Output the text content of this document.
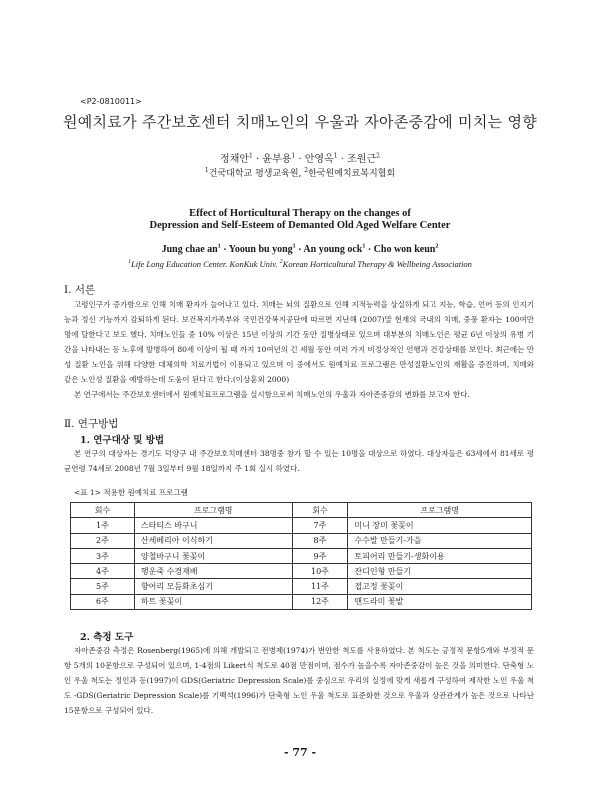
<P2-0810011>
원예치료가 주간보호센터 치매노인의 우울과 자아존중감에 미치는 영향
정채안$^1$ · 윤부용$^1$ · 안영옥$^1$ · 조원근$^2$
$^1$건국대학교 평생교육원, $^2$한국원예치료복지협회
Effect of Horticultural Therapy on the changes of
Depression and Self-Esteem of Demanted Old Aged Welfare Center
Jung chae $an^1$ · Yooun bu yong$^1$ · An young ock$^1$ · Cho won keun$^2$
$^1$Life Long Education Center. KonKuk Univ. $^2$Korean Horticultural Therapy & Wellbeing Association
Ⅰ. 서론

고령인구가 증가함으로 인해 치매 환자가 늘어나고 있다. 치매는 뇌의 질환으로 인해 지적능력을 상실하게 되고 지능, 학습, 언어 등의 인지기능과 정신 기능까지 감퇴하게 된다. 보건복지가족부와 국민건강복지공단에 따르면 지난해 (2007)말 현재의 국내의 치매, 중풍 환자는 100여만명에 달한다고 보도 했다. 치매노인들 중 10% 이상은 15년 이상의 기간 동안 질병상태로 있으며 대부분의 치매노인은 평균 6년 이상의 유병 기간을 나타내는 등 노후에 발병하여 80세 이상이 될 때 까지 10여년의 긴 세월 동안 여러 가지 비정상적인 언행과 건강상태를 보인다. 최근에는 만성 질환 노인을 위해 다양한 대체의학 치료기법이 이용되고 있으며 이 중에서도 원예치료 프로그램은 만성질환노인의 재활을 증진하며, 치매와 같은 노인성 질환을 예방하는데 도움이 된다고 한다.(이상훈외 2000)

본 연구에서는 주간보호센터에서 원예치료프로그램을 실시함으로써 치매노인의 우울과 자아존중감의 변화를 보고자 한다.

Ⅱ. 연구방법
1. 연구대상 및 방법

본 연구의 대상자는 경기도 덕양구 내 주간보호치매센터 38명중 참가 할 수 있는 10명을 대상으로 하였다. 대상자들은 63세에서 81세로 평균연령 74세로 2008년 7월 3일부터 9월 18일까지 주 1회 실시 하였다.

<표 1> 적용한 원예치료 프로그램
회수	프로그램명	회수	프로그램명
1주	스타티스 바구니	7주	미니 장미 꽃꽂이
2주	산세베리아 이식하기	8주	수수발 만들기-가을
3주	양철바구니 꽃꽂이	9주	토피어리 만들기-생화이용
4주	행운죽 수경재배	10주	잔디인형 만들기
5주	향어리 모듬화초심기	11주	접고정 꽃꽂이
6주	하트 꽃꽂이	12주	맨드라미 꽃밭
2. 측정 도구

자아존중감 측정은 Rosenberg(1965)에 의해 개발되고 전병제(1974)가 번안한 척도를 사용하였다. 본 척도는 긍정적 문항5개와 부정적 문항 5개의 10문항으로 구성되어 있으며, 1-4점의 Likert식 척도로 40점 만점이며, 점수가 높을수록 자아존중감이 높은 것을 의미한다. 단축형 노인 우울 척도는 정인과 등(1997)이 GDS(Geriatric Depression Scale)를 중심으로 우리의 실정에 맞게 새롭게 구성하여 제작한 노인 우울 척도 -GDS(Geriatric Depression Scale)를 기백석(1996)가 단축형 노인 우울 척도로 표준화한 것으로 우울과 상관관계가 높은 것으로 나타난 15문항으로 구성되어 있다.

- 77 -
